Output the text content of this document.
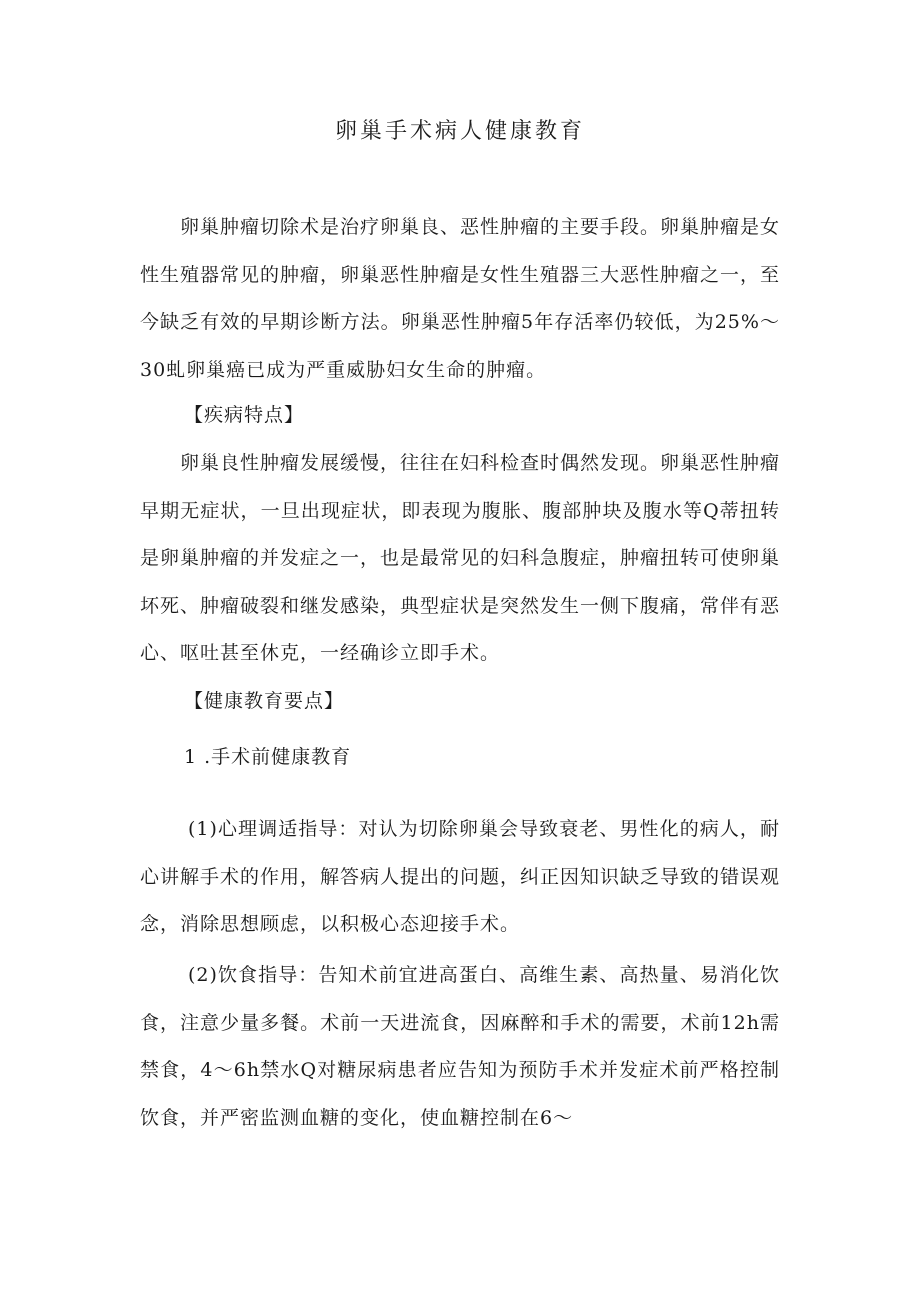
卵巢手术病人健康教育

卵巢肿瘤切除术是治疗卵巢良、恶性肿瘤的主要手段。卵巢肿瘤是女性生殖器常见的肿瘤，卵巢恶性肿瘤是女性生殖器三大恶性肿瘤之一，至今缺乏有效的早期诊断方法。卵巢恶性肿瘤5年存活率仍较低，为25%～30虬卵巢癌已成为严重威胁妇女生命的肿瘤。

【疾病特点】

卵巢良性肿瘤发展缓慢，往往在妇科检查时偶然发现。卵巢恶性肿瘤早期无症状，一旦出现症状，即表现为腹胀、腹部肿块及腹水等Q蒂扭转是卵巢肿瘤的并发症之一，也是最常见的妇科急腹症，肿瘤扭转可使卵巢坏死、肿瘤破裂和继发感染，典型症状是突然发生一侧下腹痛，常伴有恶心、呕吐甚至休克，一经确诊立即手术。

【健康教育要点】

1 .手术前健康教育

(1)心理调适指导：对认为切除卵巢会导致衰老、男性化的病人，耐心讲解手术的作用，解答病人提出的问题，纠正因知识缺乏导致的错误观念，消除思想顾虑，以积极心态迎接手术。

(2)饮食指导：告知术前宜进高蛋白、高维生素、高热量、易消化饮食，注意少量多餐。术前一天进流食，因麻醉和手术的需要，术前12h需禁食，4～6h禁水Q对糖尿病患者应告知为预防手术并发症术前严格控制饮食，并严密监测血糖的变化，使血糖控制在6～
